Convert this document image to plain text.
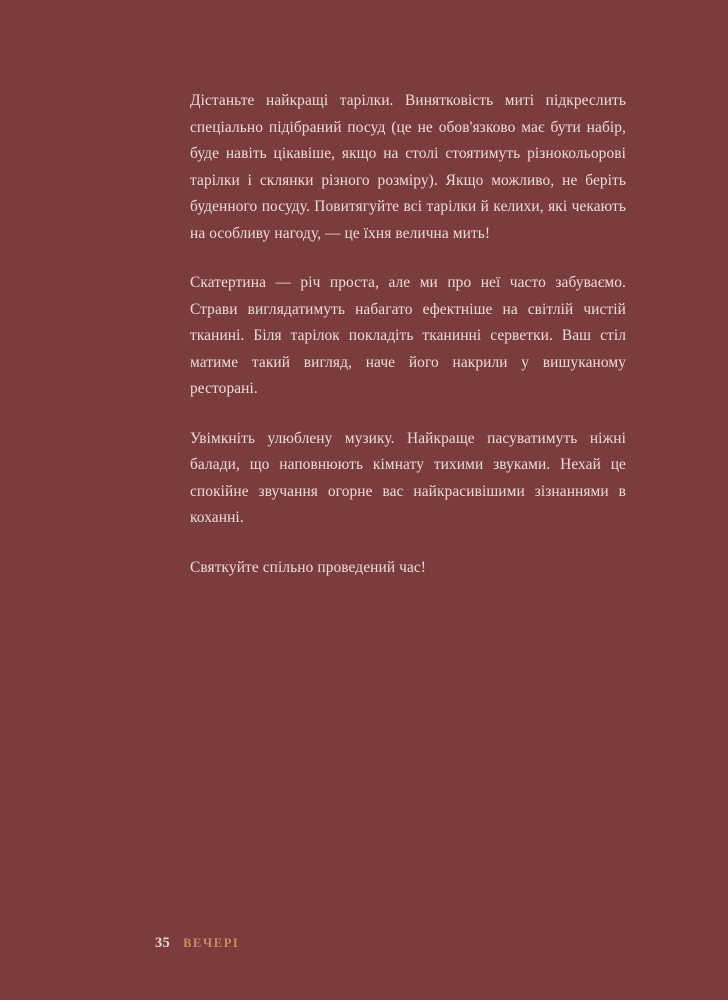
Дістаньте найкращі тарілки. Винятковість миті підкреслить спеціально підібраний посуд (це не обов'язково має бути набір, буде навіть цікавіше, якщо на столі стоятимуть різнокольорові тарілки і склянки різного розміру). Якщо можливо, не беріть буденного посуду. Повитягуйте всі тарілки й келихи, які чекають на особливу нагоду, — це їхня велична мить!

Скатертина — річ проста, але ми про неї часто забуваємо. Страви виглядатимуть набагато ефектніше на світлій чистій тканині. Біля тарілок покладіть тканинні серветки. Ваш стіл матиме такий вигляд, наче його накрили у вишуканому ресторані.

Увімкніть улюблену музику. Найкраще пасуватимуть ніжні балади, що наповнюють кімнату тихими звуками. Нехай це спокійне звучання огорне вас найкрасивішими зізнаннями в коханні.

Святкуйте спільно проведений час!

35 ВЕЧЕРІ
